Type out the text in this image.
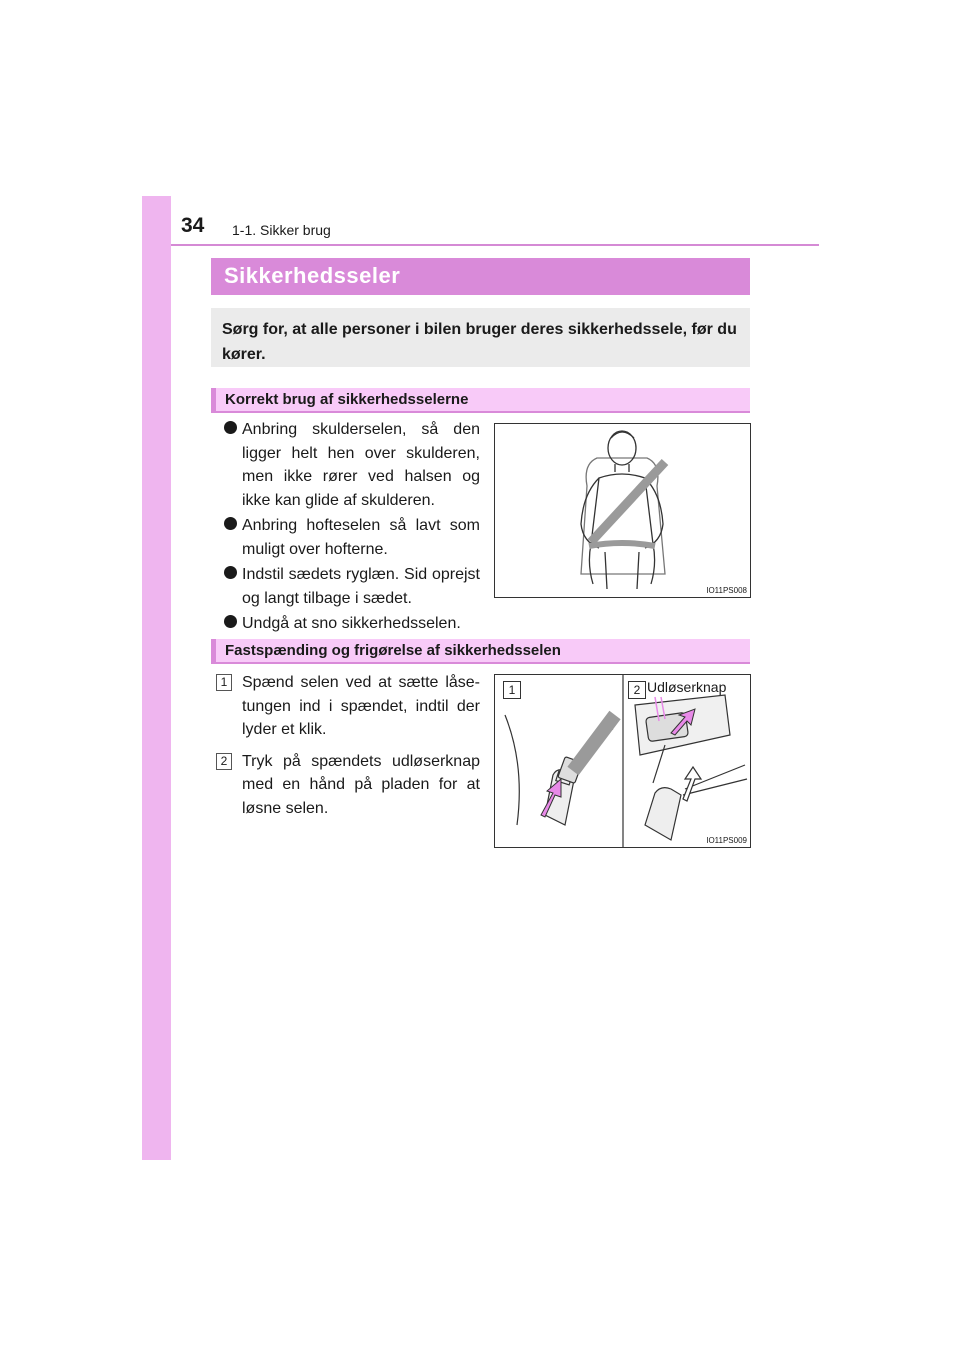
34 1-1. Sikker brug
Sikkerhedsseler

Sørg for, at alle personer i bilen bruger deres sikkerhedssele, før du kører.

Korrekt brug af sikkerhedsselerne
Anbring skulderselen, så den ligger helt hen over skulderen, men ikke rører ved halsen og ikke kan glide af skulderen.
Anbring hofteselen så lavt som muligt over hofterne.
Indstil sædets ryglæn. Sid oprejst og langt tilbage i sædet.
Undgå at sno sikkerhedsselen.
IO11PS008
Fastspænding og frigørelse af sikkerhedsselen
1 Spænd selen ved at sætte låse-tungen ind i spændet, indtil der lyder et klik.
2 Tryk på spændets udløserknap med en hånd på pladen for at løsne selen.
1	2 Udløserknap
IO11PS009
